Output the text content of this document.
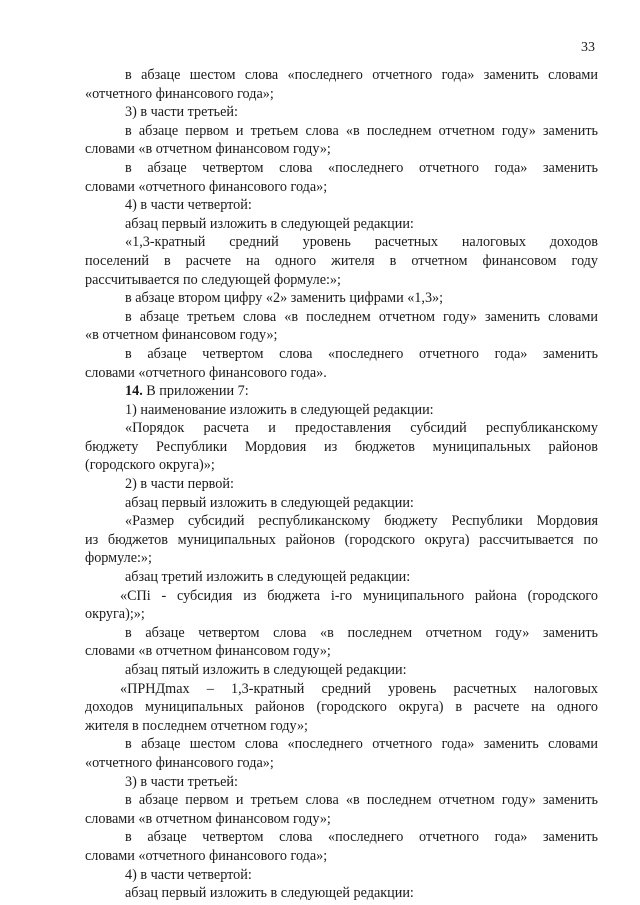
33
в абзаце шестом слова «последнего отчетного года» заменить словами
«отчетного финансового года»;
3) в части третьей:
в абзаце первом и третьем слова «в последнем отчетном году» заменить
словами «в отчетном финансовом году»;
в абзаце четвертом слова «последнего отчетного года» заменить
словами «отчетного финансового года»;
4) в части четвертой:
абзац первый изложить в следующей редакции:
«1,3-кратный средний уровень расчетных налоговых доходов
поселений в расчете на одного жителя в отчетном финансовом году
рассчитывается по следующей формуле:»;
в абзаце втором цифру «2» заменить цифрами «1,3»;
в абзаце третьем слова «в последнем отчетном году» заменить словами
«в отчетном финансовом году»;
в абзаце четвертом слова «последнего отчетного года» заменить
словами «отчетного финансового года».
14. В приложении 7:
1) наименование изложить в следующей редакции:
«Порядок расчета и предоставления субсидий республиканскому
бюджету Республики Мордовия из бюджетов муниципальных районов
(городского округа)»;
2) в части первой:
абзац первый изложить в следующей редакции:
«Размер субсидий республиканскому бюджету Республики Мордовия
из бюджетов муниципальных районов (городского округа) рассчитывается по
формуле:»;
абзац третий изложить в следующей редакции:
«СПi - субсидия из бюджета i-го муниципального района (городского
округа);»;
в абзаце четвертом слова «в последнем отчетном году» заменить
словами «в отчетном финансовом году»;
абзац пятый изложить в следующей редакции:
«ПРНДmax – 1,3-кратный средний уровень расчетных налоговых
доходов муниципальных районов (городского округа) в расчете на одного
жителя в последнем отчетном году»;
в абзаце шестом слова «последнего отчетного года» заменить словами
«отчетного финансового года»;
3) в части третьей:
в абзаце первом и третьем слова «в последнем отчетном году» заменить
словами «в отчетном финансовом году»;
в абзаце четвертом слова «последнего отчетного года» заменить
словами «отчетного финансового года»;
4) в части четвертой:
абзац первый изложить в следующей редакции:
